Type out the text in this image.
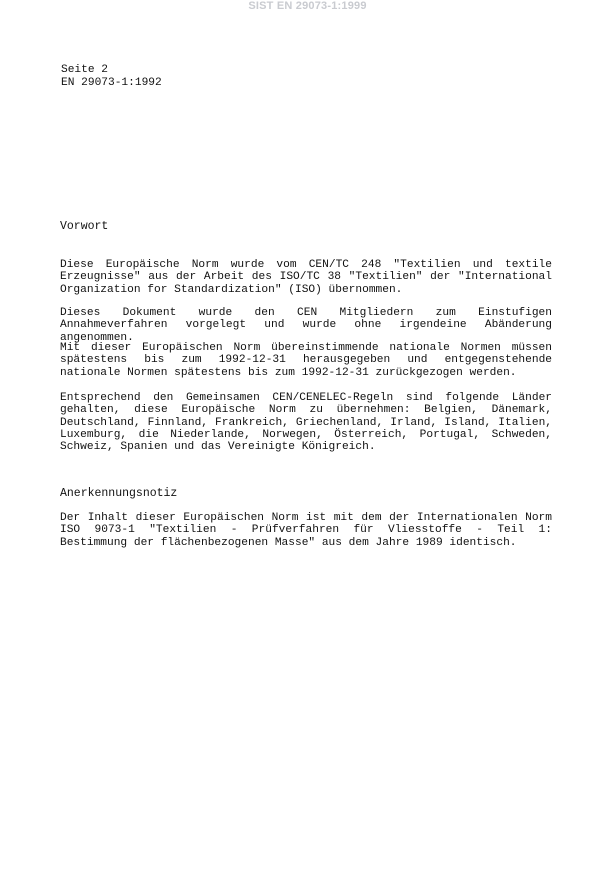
SIST EN 29073-1:1999
Seite 2
EN 29073-1:1992
Vorwort
Diese Europäische Norm wurde vom CEN/TC 248 "Textilien und textile Erzeugnisse" aus der Arbeit des ISO/TC 38 "Textilien" der "International Organization for Standardization" (ISO) übernommen.
Dieses Dokument wurde den CEN Mitgliedern zum Einstufigen Annahmeverfahren vorgelegt und wurde ohne irgendeine Abänderung angenommen.
Mit dieser Europäischen Norm übereinstimmende nationale Normen müssen spätestens bis zum 1992-12-31 herausgegeben und entgegenstehende nationale Normen spätestens bis zum 1992-12-31 zurückgezogen werden.
Entsprechend den Gemeinsamen CEN/CENELEC-Regeln sind folgende Länder gehalten, diese Europäische Norm zu übernehmen: Belgien, Dänemark, Deutschland, Finnland, Frankreich, Griechenland, Irland, Island, Italien, Luxemburg, die Niederlande, Norwegen, Österreich, Portugal, Schweden, Schweiz, Spanien und das Vereinigte Königreich.
Anerkennungsnotiz
Der Inhalt dieser Europäischen Norm ist mit dem der Internationalen Norm ISO 9073-1 "Textilien - Prüfverfahren für Vliesstoffe - Teil 1: Bestimmung der flächenbezogenen Masse" aus dem Jahre 1989 identisch.
